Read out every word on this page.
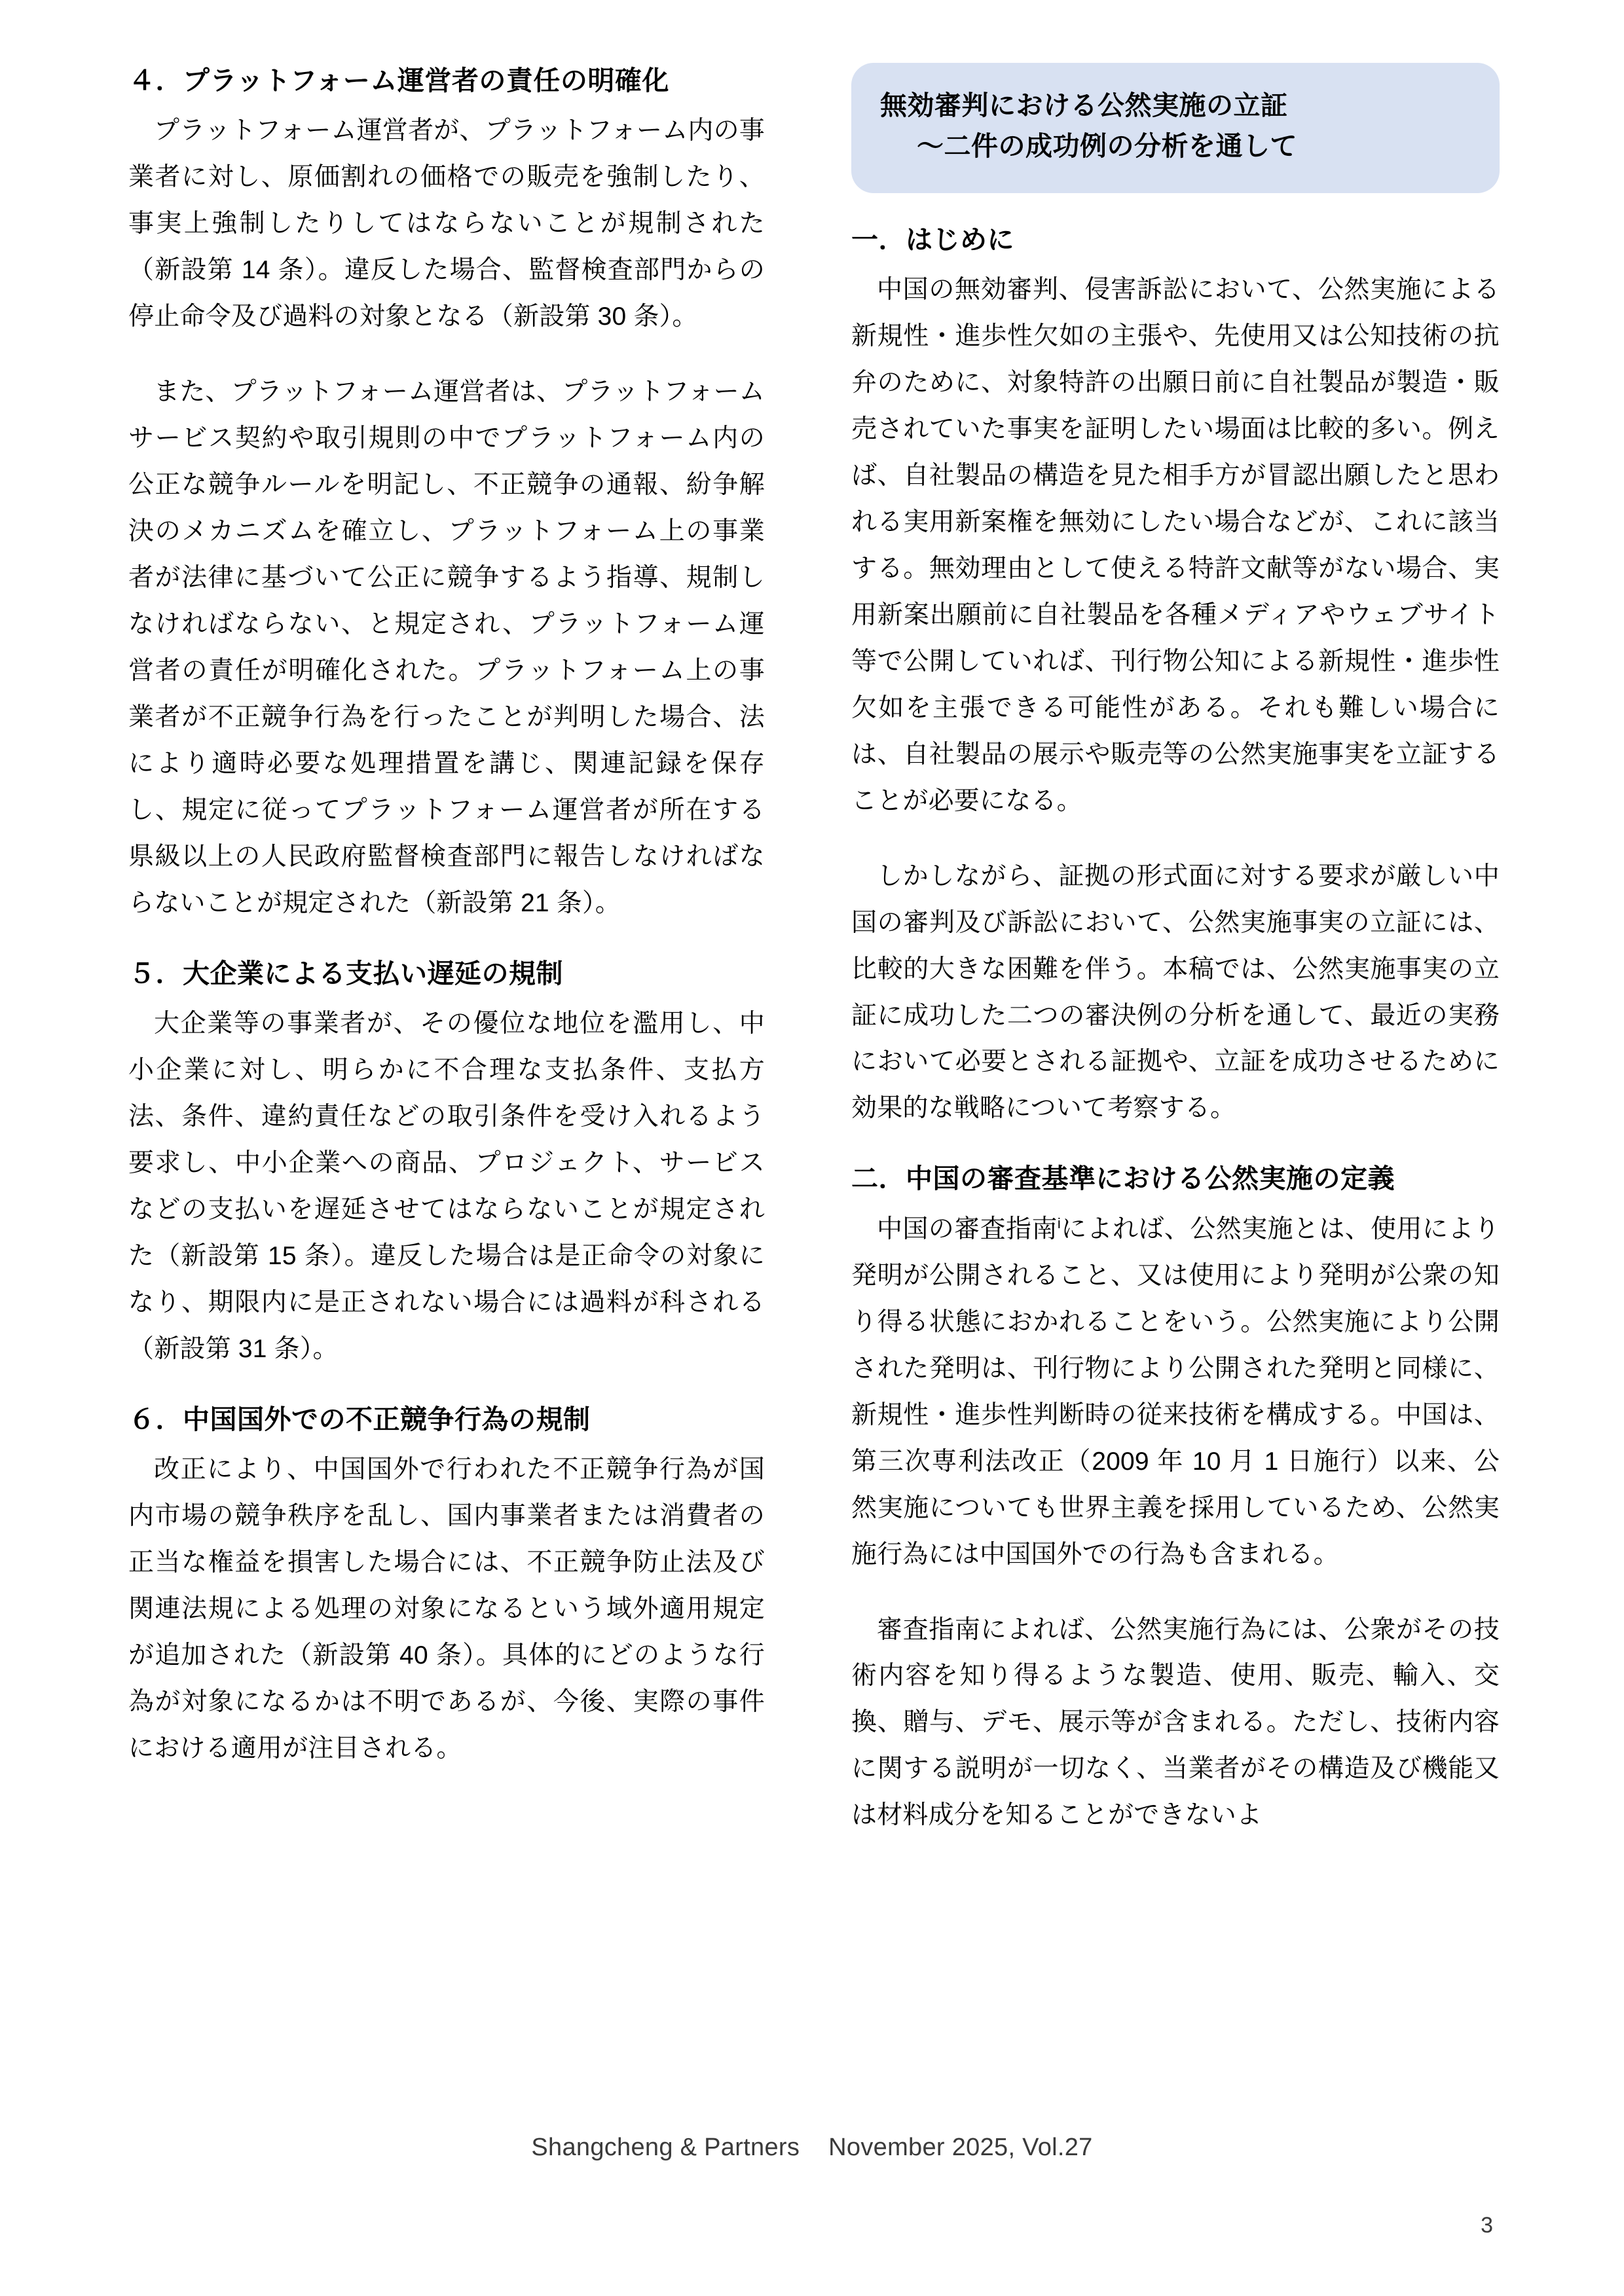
４．プラットフォーム運営者の責任の明確化

プラットフォーム運営者が、プラットフォーム内の事業者に対し、原価割れの価格での販売を強制したり、事実上強制したりしてはならないことが規制された（新設第 14 条）。違反した場合、監督検査部門からの停止命令及び過料の対象となる（新設第 30 条）。

また、プラットフォーム運営者は、プラットフォームサービス契約や取引規則の中でプラットフォーム内の公正な競争ルールを明記し、不正競争の通報、紛争解決のメカニズムを確立し、プラットフォーム上の事業者が法律に基づいて公正に競争するよう指導、規制しなければならない、と規定され、プラットフォーム運営者の責任が明確化された。プラットフォーム上の事業者が不正競争行為を行ったことが判明した場合、法により適時必要な処理措置を講じ、関連記録を保存し、規定に従ってプラットフォーム運営者が所在する県級以上の人民政府監督検査部門に報告しなければならないことが規定された（新設第 21 条）。

５．大企業による支払い遅延の規制

大企業等の事業者が、その優位な地位を濫用し、中小企業に対し、明らかに不合理な支払条件、支払方法、条件、違約責任などの取引条件を受け入れるよう要求し、中小企業への商品、プロジェクト、サービスなどの支払いを遅延させてはならないことが規定された（新設第 15 条）。違反した場合は是正命令の対象になり、期限内に是正されない場合には過料が科される（新設第 31 条）。

６．中国国外での不正競争行為の規制

改正により、中国国外で行われた不正競争行為が国内市場の競争秩序を乱し、国内事業者または消費者の正当な権益を損害した場合には、不正競争防止法及び関連法規による処理の対象になるという域外適用規定が追加された（新設第 40 条）。具体的にどのような行為が対象になるかは不明であるが、今後、実際の事件における適用が注目される。

無効審判における公然実施の立証

〜二件の成功例の分析を通して

一．はじめに

中国の無効審判、侵害訴訟において、公然実施による新規性・進歩性欠如の主張や、先使用又は公知技術の抗弁のために、対象特許の出願日前に自社製品が製造・販売されていた事実を証明したい場面は比較的多い。例えば、自社製品の構造を見た相手方が冒認出願したと思われる実用新案権を無効にしたい場合などが、これに該当する。無効理由として使える特許文献等がない場合、実用新案出願前に自社製品を各種メディアやウェブサイト等で公開していれば、刊行物公知による新規性・進歩性欠如を主張できる可能性がある。それも難しい場合には、自社製品の展示や販売等の公然実施事実を立証することが必要になる。

しかしながら、証拠の形式面に対する要求が厳しい中国の審判及び訴訟において、公然実施事実の立証には、比較的大きな困難を伴う。本稿では、公然実施事実の立証に成功した二つの審決例の分析を通して、最近の実務において必要とされる証拠や、立証を成功させるために効果的な戦略について考察する。

二．中国の審査基準における公然実施の定義

中国の審査指南$^i$によれば、公然実施とは、使用により発明が公開されること、又は使用により発明が公衆の知り得る状態におかれることをいう。公然実施により公開された発明は、刊行物により公開された発明と同様に、新規性・進歩性判断時の従来技術を構成する。中国は、第三次専利法改正（2009 年 10 月 1 日施行）以来、公然実施についても世界主義を採用しているため、公然実施行為には中国国外での行為も含まれる。

審査指南によれば、公然実施行為には、公衆がその技術内容を知り得るような製造、使用、販売、輸入、交換、贈与、デモ、展示等が含まれる。ただし、技術内容に関する説明が一切なく、当業者がその構造及び機能又は材料成分を知ることができないよ

Shangcheng & Partners November 2025, Vol.27
3
